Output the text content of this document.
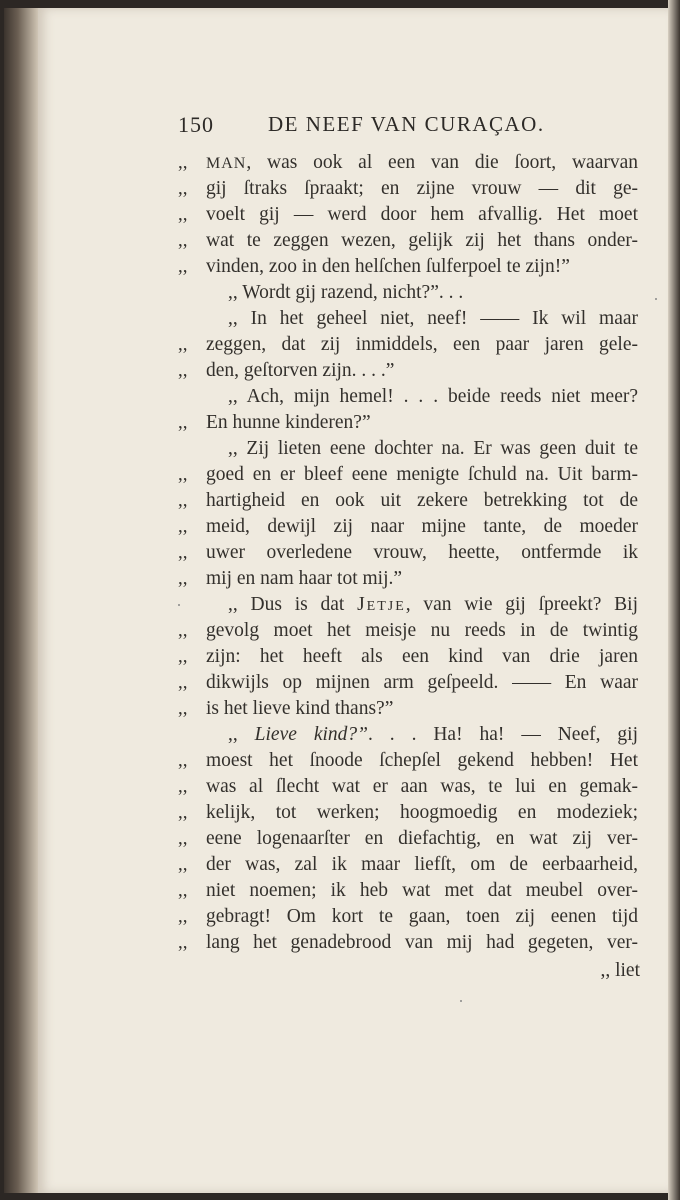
150	DE NEEF VAN CURAÇAO.
,,	MAN, was ook al een van die ſoort, waarvan
,, gij ſtraks ſpraakt; en zijne vrouw — dit ge-
,, voelt gij — werd door hem afvallig. Het moet
,, wat te zeggen wezen, gelijk zij het thans onder-
,, vinden, zoo in den helſchen ſulferpoel te zijn!”
,, Wordt gij razend, nicht?”. . .
,, In het geheel niet, neef! —— Ik wil maar
,, zeggen, dat zij inmiddels, een paar jaren gele-
,, den, geſtorven zijn. . . .”
,, Ach, mijn hemel! . . . beide reeds niet meer?
,, En hunne kinderen?”
,, Zij lieten eene dochter na. Er was geen duit te
,, goed en er bleef eene menigte ſchuld na. Uit barm-
,, hartigheid en ook uit zekere betrekking tot de
,, meid, dewijl zij naar mijne tante, de moeder
,, uwer overledene vrouw, heette, ontfermde ik
,, mij en nam haar tot mij.”
,, Dus is dat Jetje, van wie gij ſpreekt? Bij
,, gevolg moet het meisje nu reeds in de twintig
,, zijn: het heeft als een kind van drie jaren
,, dikwijls op mijnen arm geſpeeld. —— En waar
,, is het lieve kind thans?”
,, Lieve kind?”. . . Ha! ha! — Neef, gij
,, moest het ſnoode ſchepſel gekend hebben! Het
,, was al ſlecht wat er aan was, te lui en gemak-
,, kelijk, tot werken; hoogmoedig en modeziek;
,, eene logenaarſter en diefachtig, en wat zij ver-
,, der was, zal ik maar liefſt, om de eerbaarheid,
,, niet noemen; ik heb wat met dat meubel over-
,, gebragt! Om kort te gaan, toen zij eenen tijd
,, lang het genadebrood van mij had gegeten, ver-
,, liet
